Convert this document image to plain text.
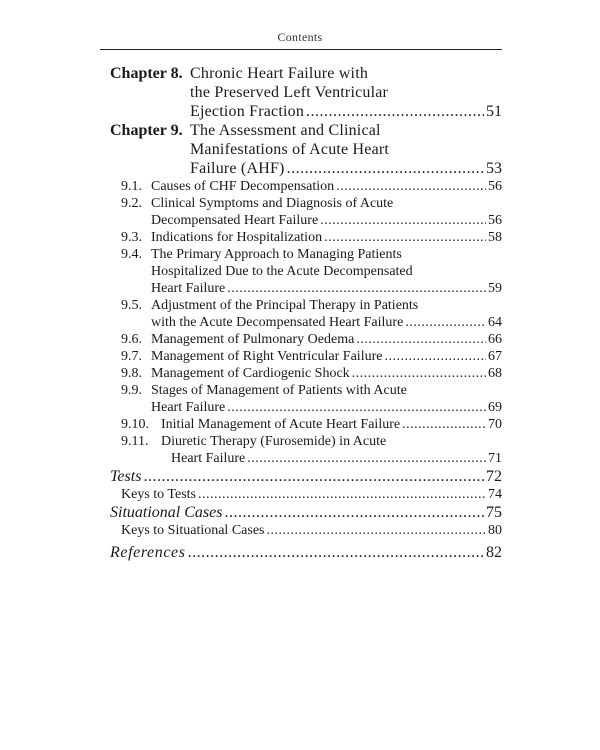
Contents
Chapter 8. Chronic Heart Failure with
the Preserved Left Ventricular
Ejection Fraction .....	51
Chapter 9. The Assessment and Clinical
Manifestations of Acute Heart
Failure (AHF) .....	53
9.1. Causes of CHF Decompensation .....	56
9.2. Clinical Symptoms and Diagnosis of Acute
Decompensated Heart Failure .....	56
9.3. Indications for Hospitalization .....	58
9.4. The Primary Approach to Managing Patients
Hospitalized Due to the Acute Decompensated
Heart Failure .....	59
9.5. Adjustment of the Principal Therapy in Patients
with the Acute Decompensated Heart Failure .....	64
9.6. Management of Pulmonary Oedema .....	66
9.7. Management of Right Ventricular Failure .....	67
9.8. Management of Cardiogenic Shock .....	68
9.9. Stages of Management of Patients with Acute
Heart Failure .....	69
9.10. Initial Management of Acute Heart Failure .....	70
9.11. Diuretic Therapy (Furosemide) in Acute
Heart Failure .....	71
Tests .....	72
Keys to Tests .....	74
Situational Cases .....	75
Keys to Situational Cases .....	80
References .....	82
